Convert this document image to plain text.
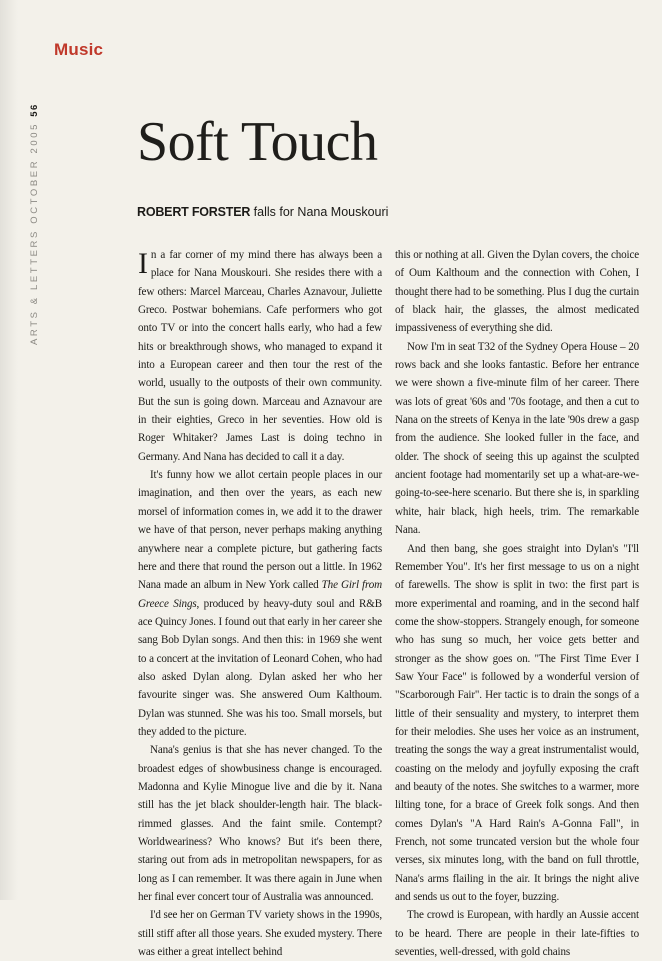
Music
ARTS & LETTERS OCTOBER 2005 56
Soft Touch
ROBERT FORSTER falls for Nana Mouskouri

In a far corner of my mind there has always been a place for Nana Mouskouri. She resides there with a few others: Marcel Marceau, Charles Aznavour, Juliette Greco. Postwar bohemians. Cafe performers who got onto TV or into the concert halls early, who had a few hits or breakthrough shows, who managed to expand it into a European career and then tour the rest of the world, usually to the outposts of their own community. But the sun is going down. Marceau and Aznavour are in their eighties, Greco in her seventies. How old is Roger Whitaker? James Last is doing techno in Germany. And Nana has decided to call it a day.

It's funny how we allot certain people places in our imagination, and then over the years, as each new morsel of information comes in, we add it to the drawer we have of that person, never perhaps making anything anywhere near a complete picture, but gathering facts here and there that round the person out a little. In 1962 Nana made an album in New York called The Girl from Greece Sings, produced by heavy-duty soul and R&B ace Quincy Jones. I found out that early in her career she sang Bob Dylan songs. And then this: in 1969 she went to a concert at the invitation of Leonard Cohen, who had also asked Dylan along. Dylan asked her who her favourite singer was. She answered Oum Kalthoum. Dylan was stunned. She was his too. Small morsels, but they added to the picture.

Nana's genius is that she has never changed. To the broadest edges of showbusiness change is encouraged. Madonna and Kylie Minogue live and die by it. Nana still has the jet black shoulder-length hair. The black-rimmed glasses. And the faint smile. Contempt? Worldweariness? Who knows? But it's been there, staring out from ads in metropolitan newspapers, for as long as I can remember. It was there again in June when her final ever concert tour of Australia was announced.

I'd see her on German TV variety shows in the 1990s, still stiff after all those years. She exuded mystery. There was either a great intellect behind

this or nothing at all. Given the Dylan covers, the choice of Oum Kalthoum and the connection with Cohen, I thought there had to be something. Plus I dug the curtain of black hair, the glasses, the almost medicated impassiveness of everything she did.

Now I'm in seat T32 of the Sydney Opera House – 20 rows back and she looks fantastic. Before her entrance we were shown a five-minute film of her career. There was lots of great '60s and '70s footage, and then a cut to Nana on the streets of Kenya in the late '90s drew a gasp from the audience. She looked fuller in the face, and older. The shock of seeing this up against the sculpted ancient footage had momentarily set up a what-are-we-going-to-see-here scenario. But there she is, in sparkling white, hair black, high heels, trim. The remarkable Nana.

And then bang, she goes straight into Dylan's "I'll Remember You". It's her first message to us on a night of farewells. The show is split in two: the first part is more experimental and roaming, and in the second half come the show-stoppers. Strangely enough, for someone who has sung so much, her voice gets better and stronger as the show goes on. "The First Time Ever I Saw Your Face" is followed by a wonderful version of "Scarborough Fair". Her tactic is to drain the songs of a little of their sensuality and mystery, to interpret them for their melodies. She uses her voice as an instrument, treating the songs the way a great instrumentalist would, coasting on the melody and joyfully exposing the craft and beauty of the notes. She switches to a warmer, more lilting tone, for a brace of Greek folk songs. And then comes Dylan's "A Hard Rain's A-Gonna Fall", in French, not some truncated version but the whole four verses, six minutes long, with the band on full throttle, Nana's arms flailing in the air. It brings the night alive and sends us out to the foyer, buzzing.

The crowd is European, with hardly an Aussie accent to be heard. There are people in their late-fifties to seventies, well-dressed, with gold chains
